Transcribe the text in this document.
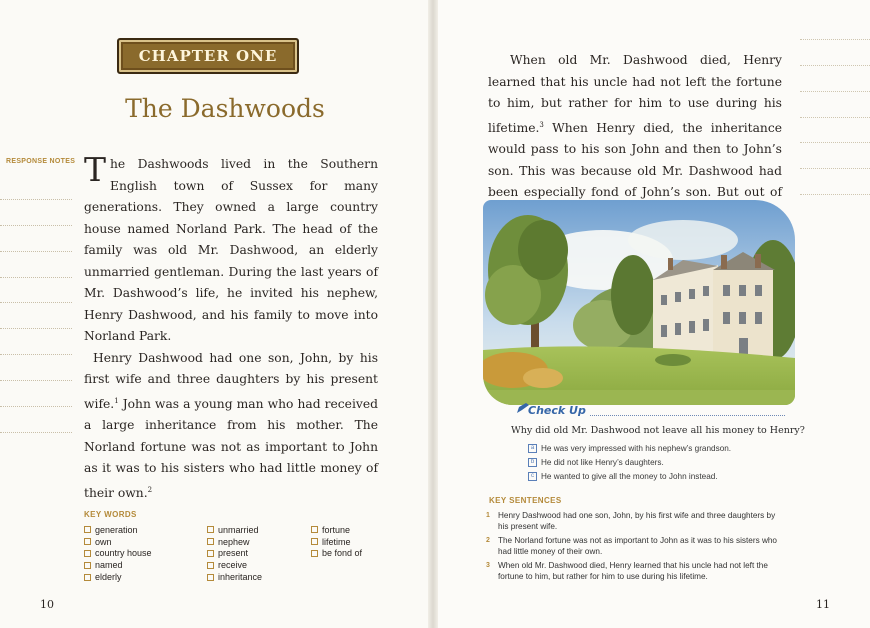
CHAPTER ONE
The Dashwoods
RESPONSE NOTES The Dashwoods lived in the Southern English town of Sussex for many generations. They owned a large country house named Norland Park. The head of the family was old Mr. Dashwood, an elderly unmarried gentleman. During the last years of Mr. Dashwood’s life, he invited his nephew, Henry Dashwood, and his family to move into Norland Park.

Henry Dashwood had one son, John, by his first wife and three daughters by his present wife.$^1$ John was a young man who had received a large inheritance from his mother. The Norland fortune was not as important to John as it was to his sisters who had little money of their own.$^2$

KEY WORDS
generation
own
country house
named
elderly
unmarried
nephew
present
receive
inheritance
fortune
lifetime
be fond of
10
When old Mr. Dashwood died, Henry learned that his uncle had not left the fortune to him, but rather for him to use during his lifetime.$^3$ When Henry died, the inheritance would pass to his son John and then to John’s son. This was because old Mr. Dashwood had been especially fond of John’s son. But out of
Check Up
Why did old Mr. Dashwood not leave all his money to Henry?
a He was very impressed with his nephew’s grandson.
b He did not like Henry’s daughters.
c He wanted to give all the money to John instead.
KEY SENTENCES
1 Henry Dashwood had one son, John, by his first wife and three daughters by his present wife.
2 The Norland fortune was not as important to John as it was to his sisters who had little money of their own.
3 When old Mr. Dashwood died, Henry learned that his uncle had not left the fortune to him, but rather for him to use during his lifetime.
11
